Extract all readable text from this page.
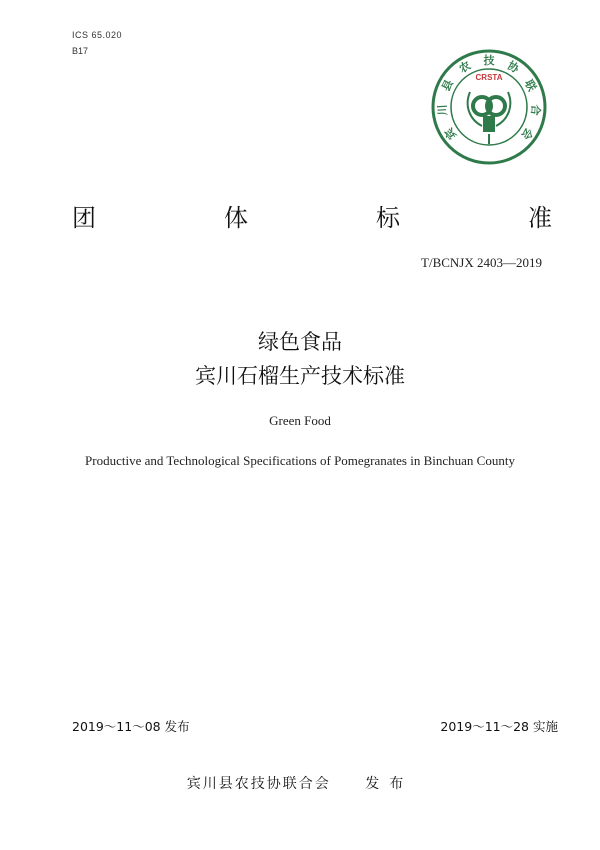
ICS 65.020
B17
宾
川
县
农 技 协
联
合
会
CRSTA
团	体	标	准
T/BCNJX 2403—2019
绿色食品
宾川石榴生产技术标准
Green Food
Productive and Technological Specifications of Pomegranates in Binchuan County
2019～11～08 发布	2019～11～28 实施
宾川县农技协联合会 发布
